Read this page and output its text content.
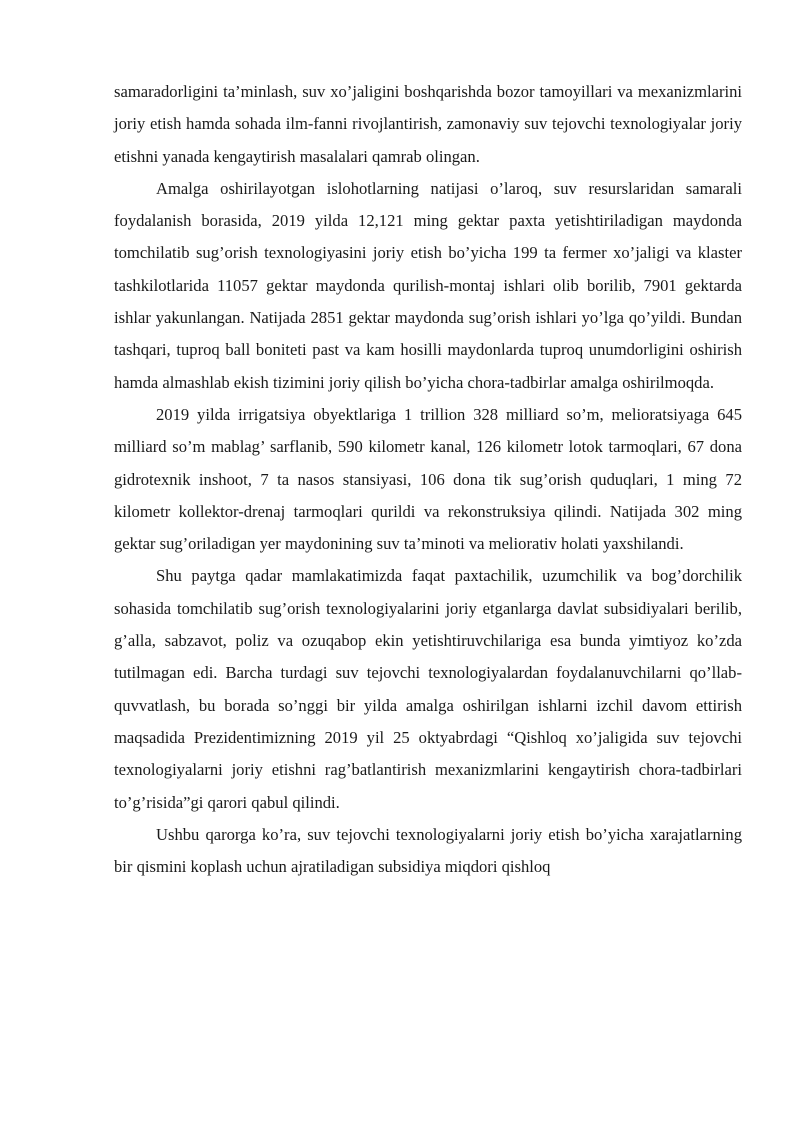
samaradorligini ta’minlash, suv xo’jaligini boshqarishda bozor tamoyillari va mexanizmlarini joriy etish hamda sohada ilm-fanni rivojlantirish, zamonaviy suv tejovchi texnologiyalar joriy etishni yanada kengaytirish masalalari qamrab olingan.

Amalga oshirilayotgan islohotlarning natijasi o’laroq, suv resurslaridan samarali foydalanish borasida, 2019 yilda 12,121 ming gektar paxta yetishtiriladigan maydonda tomchilatib sug’orish texnologiyasini joriy etish bo’yicha 199 ta fermer xo’jaligi va klaster tashkilotlarida 11057 gektar maydonda qurilish-montaj ishlari olib borilib, 7901 gektarda ishlar yakunlangan. Natijada 2851 gektar maydonda sug’orish ishlari yo’lga qo’yildi. Bundan tashqari, tuproq ball boniteti past va kam hosilli maydonlarda tuproq unumdorligini oshirish hamda almashlab ekish tizimini joriy qilish bo’yicha chora-tadbirlar amalga oshirilmoqda.

2019 yilda irrigatsiya obyektlariga 1 trillion 328 milliard so’m, melioratsiyaga 645 milliard so’m mablag’ sarflanib, 590 kilometr kanal, 126 kilometr lotok tarmoqlari, 67 dona gidrotexnik inshoot, 7 ta nasos stansiyasi, 106 dona tik sug’orish quduqlari, 1 ming 72 kilometr kollektor-drenaj tarmoqlari qurildi va rekonstruksiya qilindi. Natijada 302 ming gektar sug’oriladigan yer maydonining suv ta’minoti va meliorativ holati yaxshilandi.

Shu paytga qadar mamlakatimizda faqat paxtachilik, uzumchilik va bog’dorchilik sohasida tomchilatib sug’orish texnologiyalarini joriy etganlarga davlat subsidiyalari berilib, g’alla, sabzavot, poliz va ozuqabop ekin yetishtiruvchilariga esa bunda yimtiyoz ko’zda tutilmagan edi. Barcha turdagi suv tejovchi texnologiyalardan foydalanuvchilarni qo’llab-quvvatlash, bu borada so’nggi bir yilda amalga oshirilgan ishlarni izchil davom ettirish maqsadida Prezidentimizning 2019 yil 25 oktyabrdagi “Qishloq xo’jaligida suv tejovchi texnologiyalarni joriy etishni rag’batlantirish mexanizmlarini kengaytirish chora-tadbirlari to’g’risida”gi qarori qabul qilindi.

Ushbu qarorga ko’ra, suv tejovchi texnologiyalarni joriy etish bo’yicha xarajatlarning bir qismini koplash uchun ajratiladigan subsidiya miqdori qishloq
